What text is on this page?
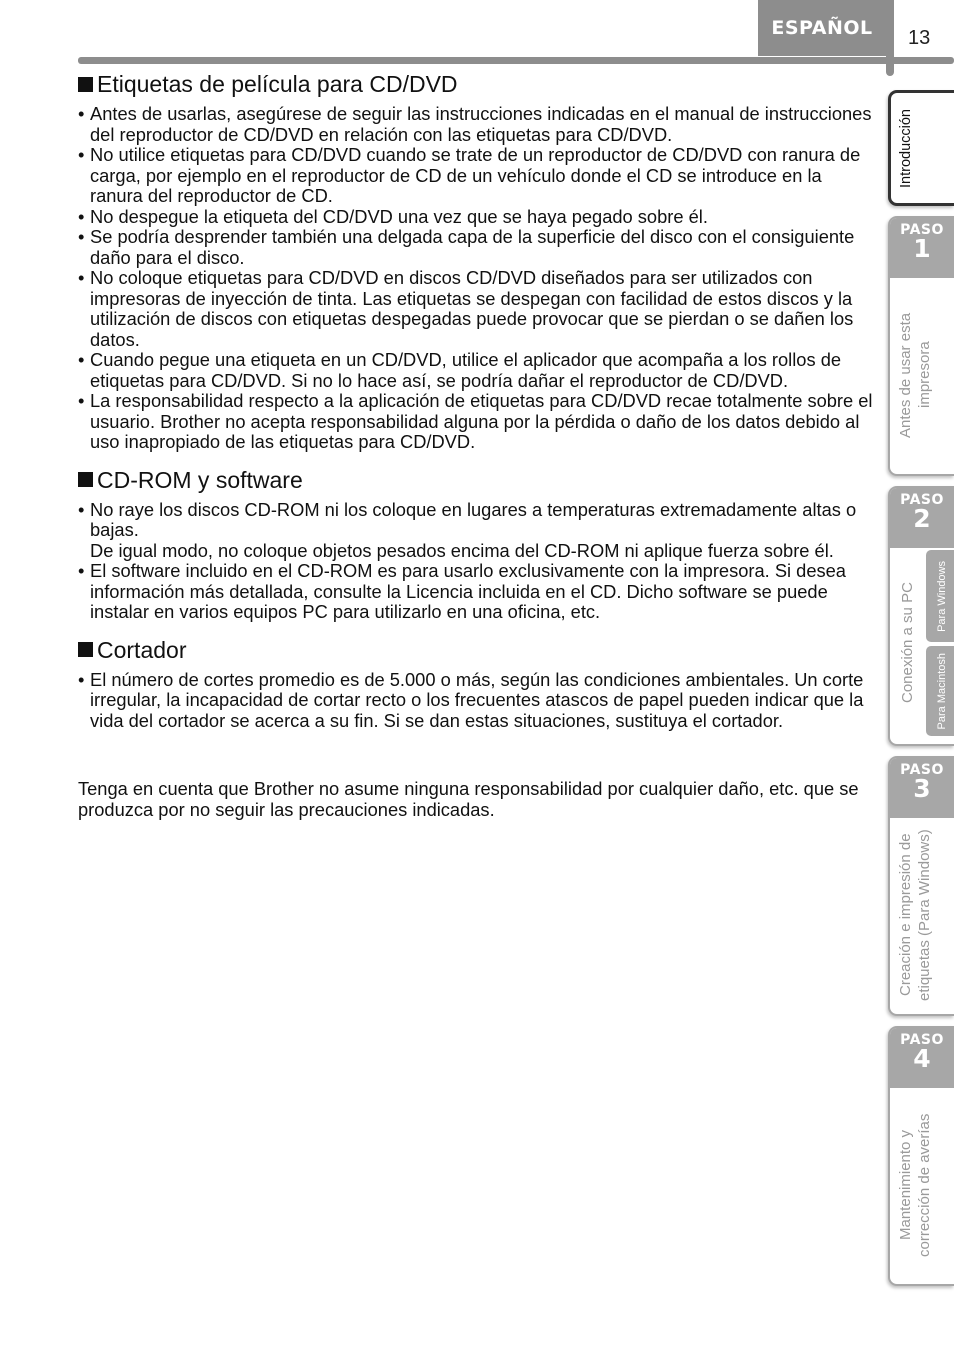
ESPAÑOL	13
Etiquetas de película para CD/DVD
• Antes de usarlas, asegúrese de seguir las instrucciones indicadas en el manual de instrucciones del reproductor de CD/DVD en relación con las etiquetas para CD/DVD.
• No utilice etiquetas para CD/DVD cuando se trate de un reproductor de CD/DVD con ranura de carga, por ejemplo en el reproductor de CD de un vehículo donde el CD se introduce en la ranura del reproductor de CD.
• No despegue la etiqueta del CD/DVD una vez que se haya pegado sobre él.
• Se podría desprender también una delgada capa de la superficie del disco con el consiguiente daño para el disco.
• No coloque etiquetas para CD/DVD en discos CD/DVD diseñados para ser utilizados con impresoras de inyección de tinta. Las etiquetas se despegan con facilidad de estos discos y la utilización de discos con etiquetas despegadas puede provocar que se pierdan o se dañen los datos.
• Cuando pegue una etiqueta en un CD/DVD, utilice el aplicador que acompaña a los rollos de etiquetas para CD/DVD. Si no lo hace así, se podría dañar el reproductor de CD/DVD.
• La responsabilidad respecto a la aplicación de etiquetas para CD/DVD recae totalmente sobre el usuario. Brother no acepta responsabilidad alguna por la pérdida o daño de los datos debido al uso inapropiado de las etiquetas para CD/DVD.
CD-ROM y software
• No raye los discos CD-ROM ni los coloque en lugares a temperaturas extremadamente altas o bajas.
De igual modo, no coloque objetos pesados encima del CD-ROM ni aplique fuerza sobre él.
• El software incluido en el CD-ROM es para usarlo exclusivamente con la impresora. Si desea información más detallada, consulte la Licencia incluida en el CD. Dicho software se puede instalar en varios equipos PC para utilizarlo en una oficina, etc.
Cortador
• El número de cortes promedio es de 5.000 o más, según las condiciones ambientales. Un corte irregular, la incapacidad de cortar recto o los frecuentes atascos de papel pueden indicar que la vida del cortador se acerca a su fin. Si se dan estas situaciones, sustituya el cortador.

Tenga en cuenta que Brother no asume ninguna responsabilidad por cualquier daño, etc. que se produzca por no seguir las precauciones indicadas.

Introducción
PASO
1
Antes de usar esta impresora
PASO
2
Conexión a su PC Para Windows
Para Macintosh
PASO
3
Creación e impresión de etiquetas (Para Windows)
PASO
4
Mantenimiento y corrección de averías
